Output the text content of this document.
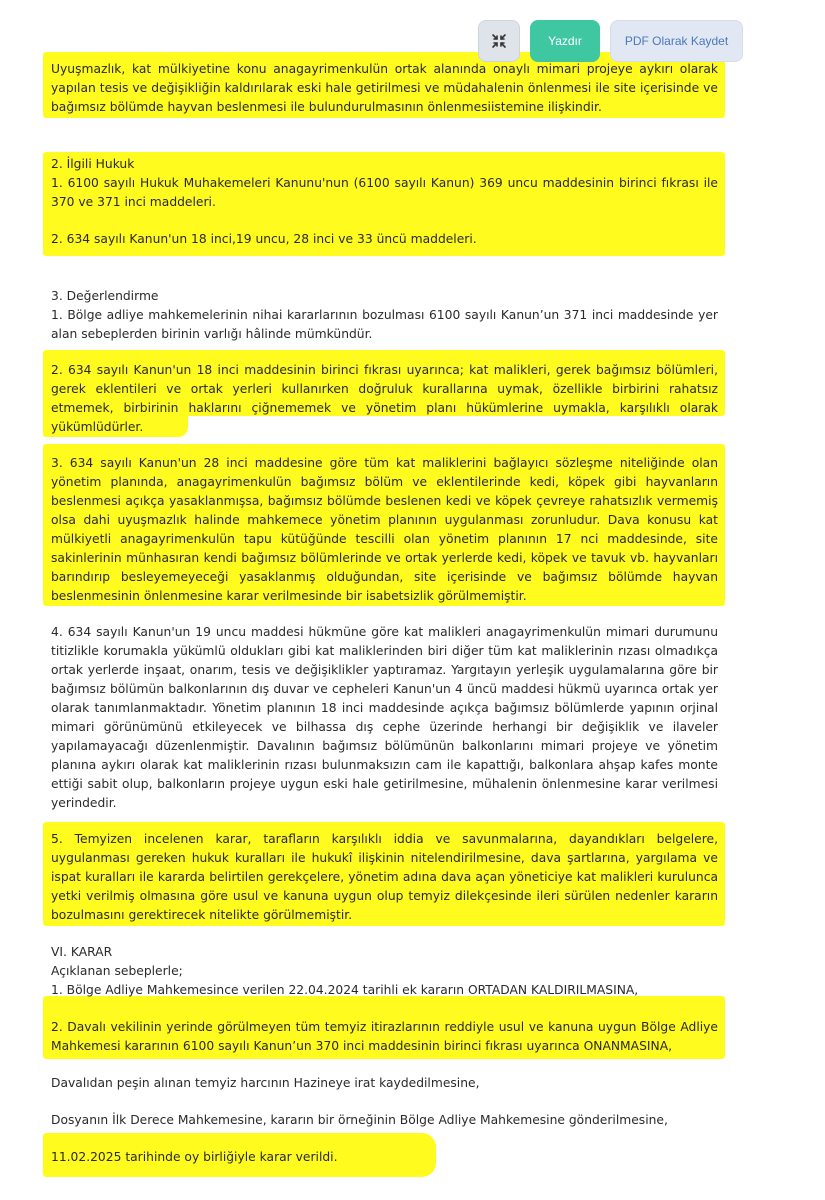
Yazdır	PDF Olarak Kaydet
Uyuşmazlık, kat mülkiyetine konu anagayrimenkulün ortak alanında onaylı mimari projeye aykırı olarak
yapılan tesis ve değişikliğin kaldırılarak eski hale getirilmesi ve müdahalenin önlenmesi ile site içerisinde ve
bağımsız bölümde hayvan beslenmesi ile bulundurulmasının önlenmesiistemine ilişkindir.
2. İlgili Hukuk
1. 6100 sayılı Hukuk Muhakemeleri Kanunu'nun (6100 sayılı Kanun) 369 uncu maddesinin birinci fıkrası ile
370 ve 371 inci maddeleri.
2. 634 sayılı Kanun'un 18 inci,19 uncu, 28 inci ve 33 üncü maddeleri.
3. Değerlendirme
1. Bölge adliye mahkemelerinin nihai kararlarının bozulması 6100 sayılı Kanun’un 371 inci maddesinde yer
alan sebeplerden birinin varlığı hâlinde mümkündür.
2. 634 sayılı Kanun'un 18 inci maddesinin birinci fıkrası uyarınca; kat malikleri, gerek bağımsız bölümleri,
gerek eklentileri ve ortak yerleri kullanırken doğruluk kurallarına uymak, özellikle birbirini rahatsız
etmemek, birbirinin haklarını çiğnememek ve yönetim planı hükümlerine uymakla, karşılıklı olarak
yükümlüdürler.
3. 634 sayılı Kanun'un 28 inci maddesine göre tüm kat maliklerini bağlayıcı sözleşme niteliğinde olan
yönetim planında, anagayrimenkulün bağımsız bölüm ve eklentilerinde kedi, köpek gibi hayvanların
beslenmesi açıkça yasaklanmışsa, bağımsız bölümde beslenen kedi ve köpek çevreye rahatsızlık vermemiş
olsa dahi uyuşmazlık halinde mahkemece yönetim planının uygulanması zorunludur. Dava konusu kat
mülkiyetli anagayrimenkulün tapu kütüğünde tescilli olan yönetim planının 17 nci maddesinde, site
sakinlerinin münhasıran kendi bağımsız bölümlerinde ve ortak yerlerde kedi, köpek ve tavuk vb. hayvanları
barındırıp besleyemeyeceği yasaklanmış olduğundan, site içerisinde ve bağımsız bölümde hayvan
beslenmesinin önlenmesine karar verilmesinde bir isabetsizlik görülmemiştir.
4. 634 sayılı Kanun'un 19 uncu maddesi hükmüne göre kat malikleri anagayrimenkulün mimari durumunu
titizlikle korumakla yükümlü oldukları gibi kat maliklerinden biri diğer tüm kat maliklerinin rızası olmadıkça
ortak yerlerde inşaat, onarım, tesis ve değişiklikler yaptıramaz. Yargıtayın yerleşik uygulamalarına göre bir
bağımsız bölümün balkonlarının dış duvar ve cepheleri Kanun'un 4 üncü maddesi hükmü uyarınca ortak yer
olarak tanımlanmaktadır. Yönetim planının 18 inci maddesinde açıkça bağımsız bölümlerde yapının orjinal
mimari görünümünü etkileyecek ve bilhassa dış cephe üzerinde herhangi bir değişiklik ve ilaveler
yapılamayacağı düzenlenmiştir. Davalının bağımsız bölümünün balkonlarını mimari projeye ve yönetim
planına aykırı olarak kat maliklerinin rızası bulunmaksızın cam ile kapattığı, balkonlara ahşap kafes monte
ettiği sabit olup, balkonların projeye uygun eski hale getirilmesine, mühalenin önlenmesine karar verilmesi
yerindedir.
5. Temyizen incelenen karar, tarafların karşılıklı iddia ve savunmalarına, dayandıkları belgelere,
uygulanması gereken hukuk kuralları ile hukukî ilişkinin nitelendirilmesine, dava şartlarına, yargılama ve
ispat kuralları ile kararda belirtilen gerekçelere, yönetim adına dava açan yöneticiye kat malikleri kurulunca
yetki verilmiş olmasına göre usul ve kanuna uygun olup temyiz dilekçesinde ileri sürülen nedenler kararın
bozulmasını gerektirecek nitelikte görülmemiştir.
VI. KARAR
Açıklanan sebeplerle;
1. Bölge Adliye Mahkemesince verilen 22.04.2024 tarihli ek kararın ORTADAN KALDIRILMASINA,
2. Davalı vekilinin yerinde görülmeyen tüm temyiz itirazlarının reddiyle usul ve kanuna uygun Bölge Adliye
Mahkemesi kararının 6100 sayılı Kanun’un 370 inci maddesinin birinci fıkrası uyarınca ONANMASINA,
Davalıdan peşin alınan temyiz harcının Hazineye irat kaydedilmesine,
Dosyanın İlk Derece Mahkemesine, kararın bir örneğinin Bölge Adliye Mahkemesine gönderilmesine,
11.02.2025 tarihinde oy birliğiyle karar verildi.
